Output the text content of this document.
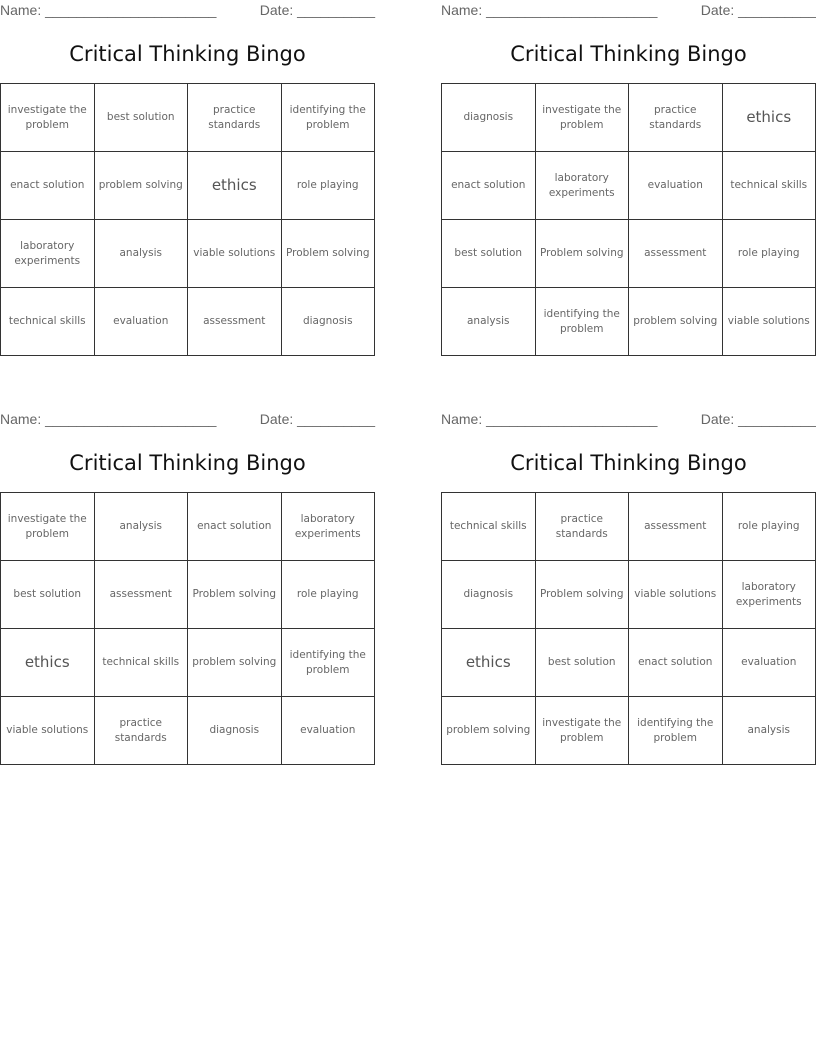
Name: ______________________	Date: __________
Critical Thinking Bingo
investigate the problem	best solution	practice standards	identifying the problem
enact solution	problem solving	ethics	role playing
laboratory experiments	analysis	viable solutions	Problem solving
technical skills	evaluation	assessment	diagnosis
Name: ______________________	Date: __________
Critical Thinking Bingo
diagnosis	investigate the problem	practice standards	ethics
enact solution	laboratory experiments	evaluation	technical skills
best solution	Problem solving	assessment	role playing
analysis	identifying the problem	problem solving	viable solutions
Name: ______________________	Date: __________
Critical Thinking Bingo
investigate the problem	analysis	enact solution	laboratory experiments
best solution	assessment	Problem solving	role playing
ethics	technical skills	problem solving	identifying the problem
viable solutions	practice standards	diagnosis	evaluation
Name: ______________________	Date: __________
Critical Thinking Bingo
technical skills	practice standards	assessment	role playing
diagnosis	Problem solving	viable solutions	laboratory experiments
ethics	best solution	enact solution	evaluation
problem solving	investigate the problem	identifying the problem	analysis
